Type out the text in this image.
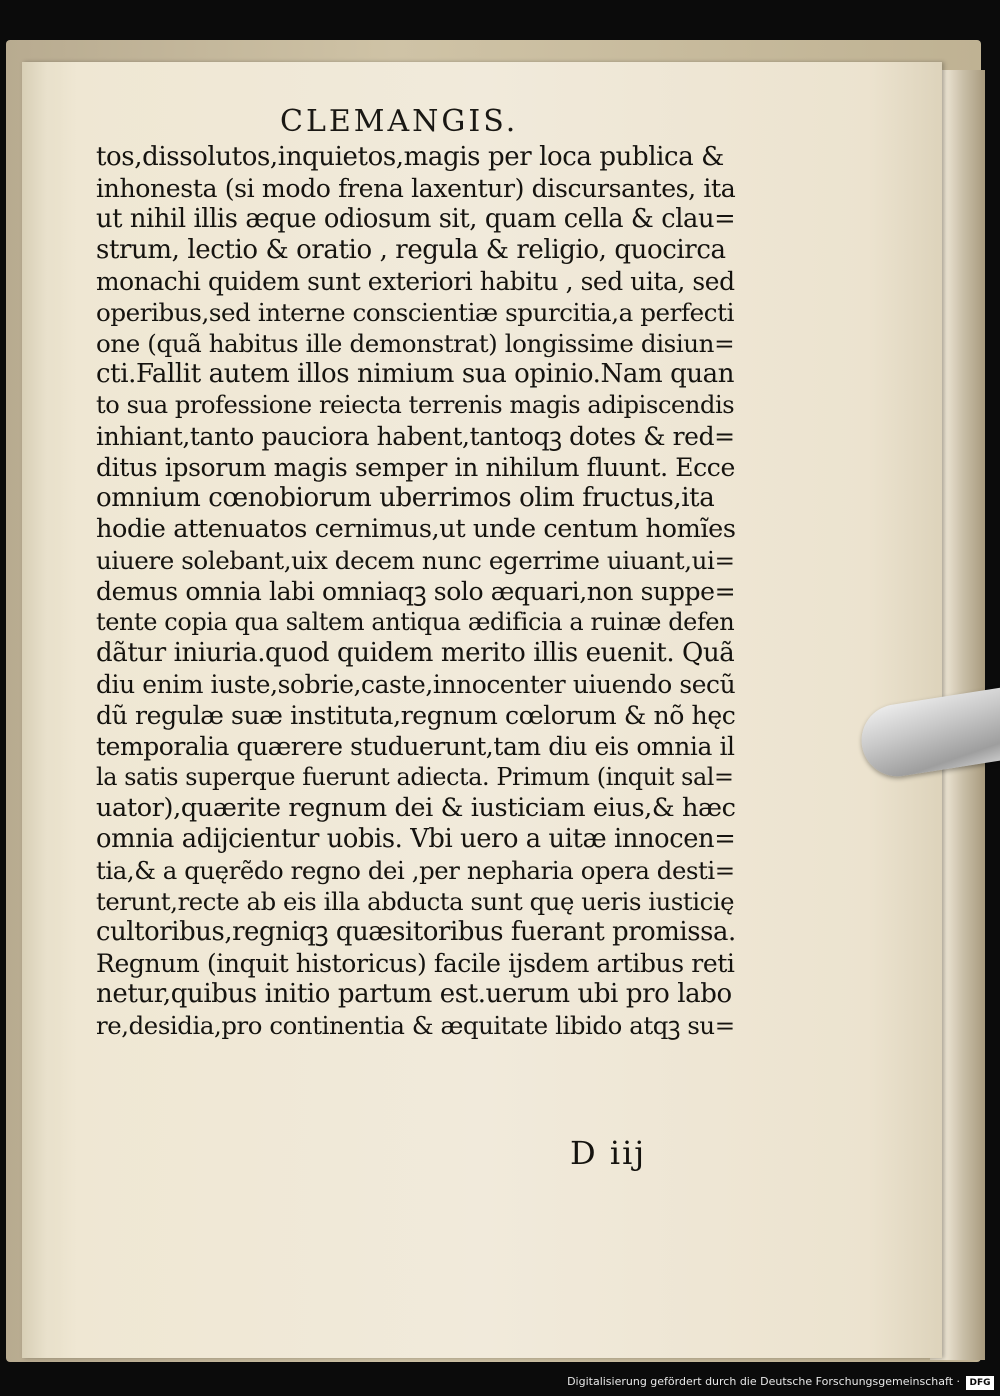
CLEMANGIS.
tos,dissolutos,inquietos,magis per loca publica &
inhonesta (si modo frena laxentur) discursantes, ita
ut nihil illis æque odiosum sit, quam cella & clau=
strum, lectio & oratio , regula & religio, quocirca
monachi quidem sunt exteriori habitu , sed uita, sed
operibus,sed interne conscientiæ spurcitia,a perfecti
one (quã habitus ille demonstrat) longissime disiun=
cti.Fallit autem illos nimium sua opinio.Nam quan
to sua professione reiecta terrenis magis adipiscendis
inhiant,tanto pauciora habent,tantoqꝫ dotes & red=
ditus ipsorum magis semper in nihilum fluunt. Ecce
omnium cœnobiorum uberrimos olim fructus,ita
hodie attenuatos cernimus,ut unde centum homĩes
uiuere solebant,uix decem nunc egerrime uiuant,ui=
demus omnia labi omniaqꝫ solo æquari,non suppe=
tente copia qua saltem antiqua ædificia a ruinæ defen
dãtur iniuria.quod quidem merito illis euenit. Quã
diu enim iuste,sobrie,caste,innocenter uiuendo secũ
dũ regulæ suæ instituta,regnum cœlorum & nõ hęc
temporalia quærere studuerunt,tam diu eis omnia il
la satis superque fuerunt adiecta. Primum (inquit sal=
uator),quærite regnum dei & iusticiam eius,& hæc
omnia adijcientur uobis. Vbi uero a uitæ innocen=
tia,& a quęrẽdo regno dei ,per nepharia opera desti=
terunt,recte ab eis illa abducta sunt quę ueris iusticię
cultoribus,regniqꝫ quæsitoribus fuerant promissa.
Regnum (inquit historicus) facile ijsdem artibus reti
netur,quibus initio partum est.uerum ubi pro labo
re,desidia,pro continentia & æquitate libido atqꝫ su=
D iij
Digitalisierung gefördert durch die Deutsche Forschungsgemeinschaft ·	DFG
